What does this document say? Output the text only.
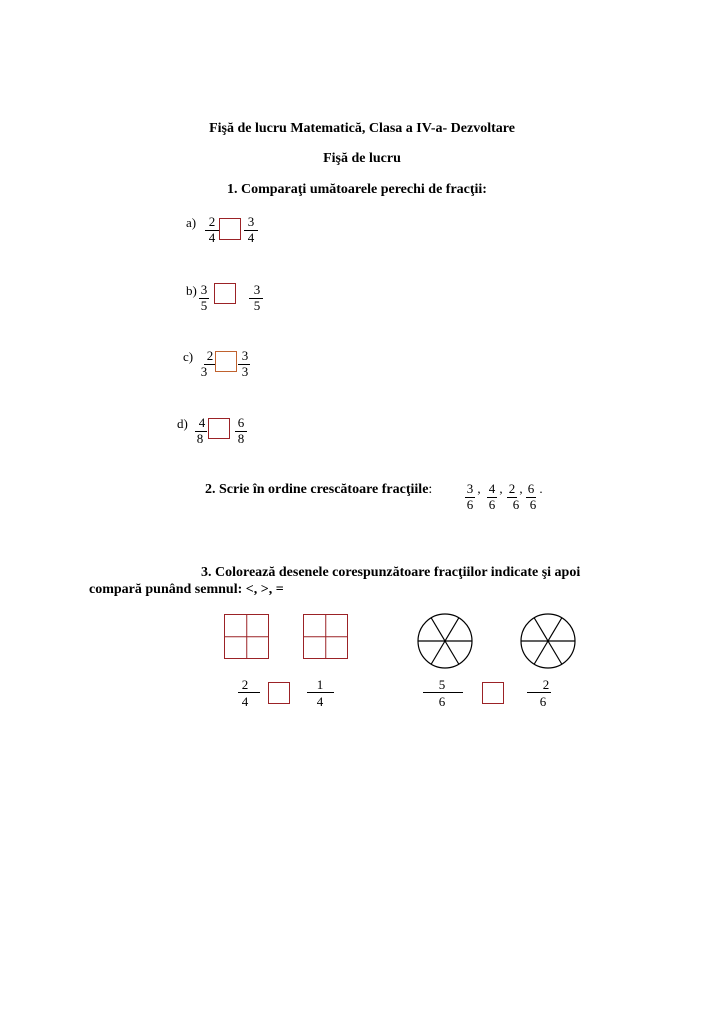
Fişă de lucru Matematică, Clasa a IV-a- Dezvoltare
Fişă de lucru
1. Comparaţi umătoarele perechi de fracţii:
a) 2
4
3
4
b) 3
5
3
5
c) 2
3
3
3
d) 4
8
6
8
2. Scrie în ordine crescătoare fracţiile:	3
6
, 4
6
, 2
6
, 6
6
.
3. Colorează desenele corespunzătoare fracţiilor indicate şi apoi
compară punând semnul: <, >, =
2
4
1
4
5
6
2
6
